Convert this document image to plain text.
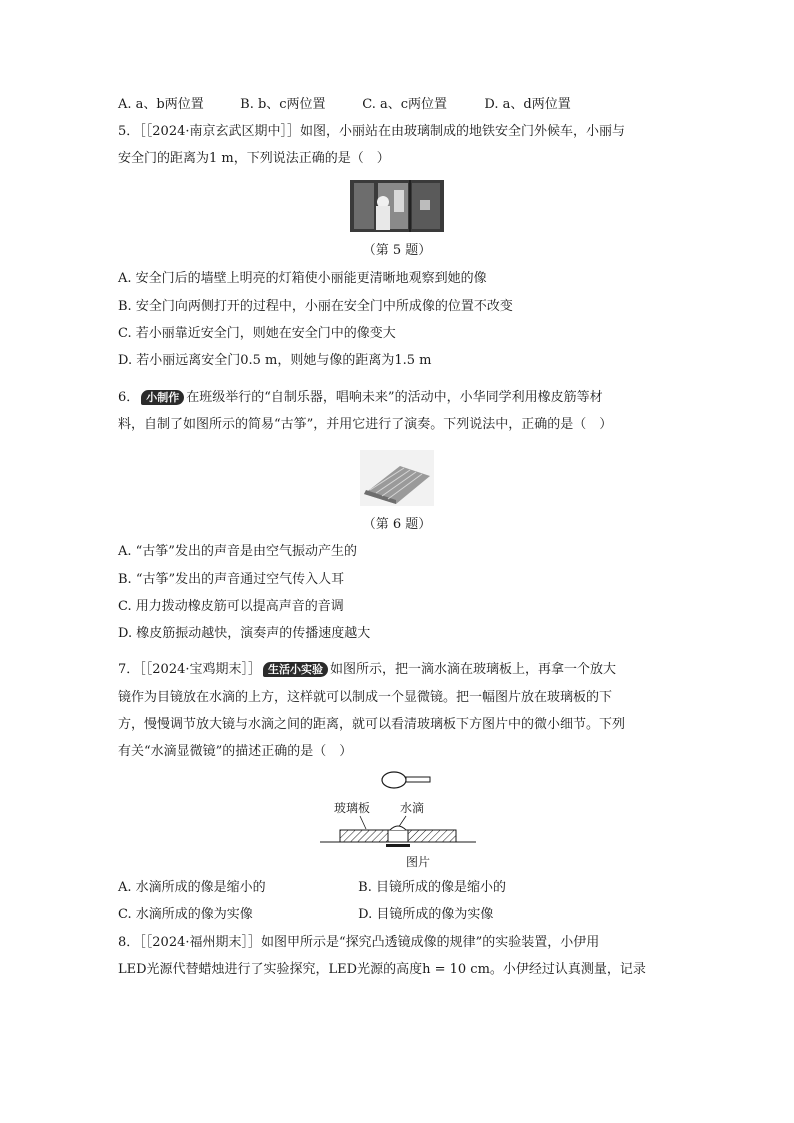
A. a、b两位置	B. b、c两位置	C. a、c两位置	D. a、d两位置
5．［［2024·南京玄武区期中］］如图，小丽站在由玻璃制成的地铁安全门外候车，小丽与
安全门的距离为1 m，下列说法正确的是（　）
（第 5 题）
A. 安全门后的墙壁上明亮的灯箱使小丽能更清晰地观察到她的像
B. 安全门向两侧打开的过程中，小丽在安全门中所成像的位置不改变
C. 若小丽靠近安全门，则她在安全门中的像变大
D. 若小丽远离安全门0.5 m，则她与像的距离为1.5 m
6． 小制作 在班级举行的“自制乐器，唱响未来”的活动中，小华同学利用橡皮筋等材
料，自制了如图所示的简易“古筝”，并用它进行了演奏。下列说法中，正确的是（　）
（第 6 题）
A. “古筝”发出的声音是由空气振动产生的
B. “古筝”发出的声音通过空气传入人耳
C. 用力拨动橡皮筋可以提高声音的音调
D. 橡皮筋振动越快，演奏声的传播速度越大
7．［［2024·宝鸡期末］］ 生活小实验 如图所示，把一滴水滴在玻璃板上，再拿一个放大
镜作为目镜放在水滴的上方，这样就可以制成一个显微镜。把一幅图片放在玻璃板的下
方，慢慢调节放大镜与水滴之间的距离，就可以看清玻璃板下方图片中的微小细节。下列
有关“水滴显微镜”的描述正确的是（　）
玻璃板 水滴
图片
A. 水滴所成的像是缩小的	B. 目镜所成的像是缩小的
C. 水滴所成的像为实像	D. 目镜所成的像为实像
8．［［2024·福州期末］］如图甲所示是“探究凸透镜成像的规律”的实验装置，小伊用
LED光源代替蜡烛进行了实验探究，LED光源的高度h = 10 cm。小伊经过认真测量，记录
